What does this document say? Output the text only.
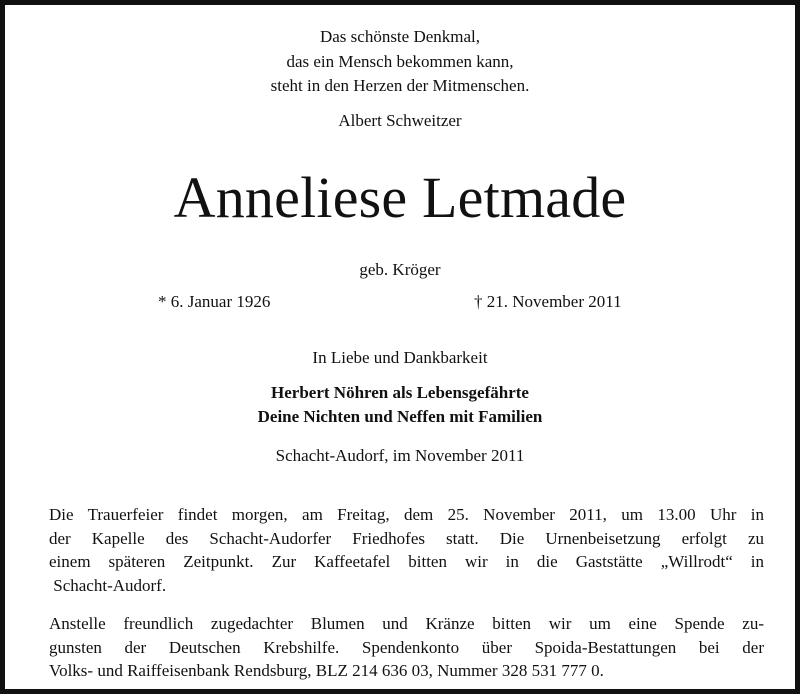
Das schönste Denkmal,
das ein Mensch bekommen kann,
steht in den Herzen der Mitmenschen.
Albert Schweitzer
Anneliese Letmade
geb. Kröger
* 6. Januar 1926	† 21. November 2011
In Liebe und Dankbarkeit
Herbert Nöhren als Lebensgefährte
Deine Nichten und Neffen mit Familien
Schacht-Audorf, im November 2011
Die Trauerfeier findet morgen, am Freitag, dem 25. November 2011, um 13.00 Uhr in
der Kapelle des Schacht-Audorfer Friedhofes statt. Die Urnenbeisetzung erfolgt zu
einem späteren Zeitpunkt. Zur Kaffeetafel bitten wir in die Gaststätte „Willrodt“ in
Schacht-Audorf.
Anstelle freundlich zugedachter Blumen und Kränze bitten wir um eine Spende zu-
gunsten der Deutschen Krebshilfe. Spendenkonto über Spoida-Bestattungen bei der
Volks- und Raiffeisenbank Rendsburg, BLZ 214 636 03, Nummer 328 531 777 0.
